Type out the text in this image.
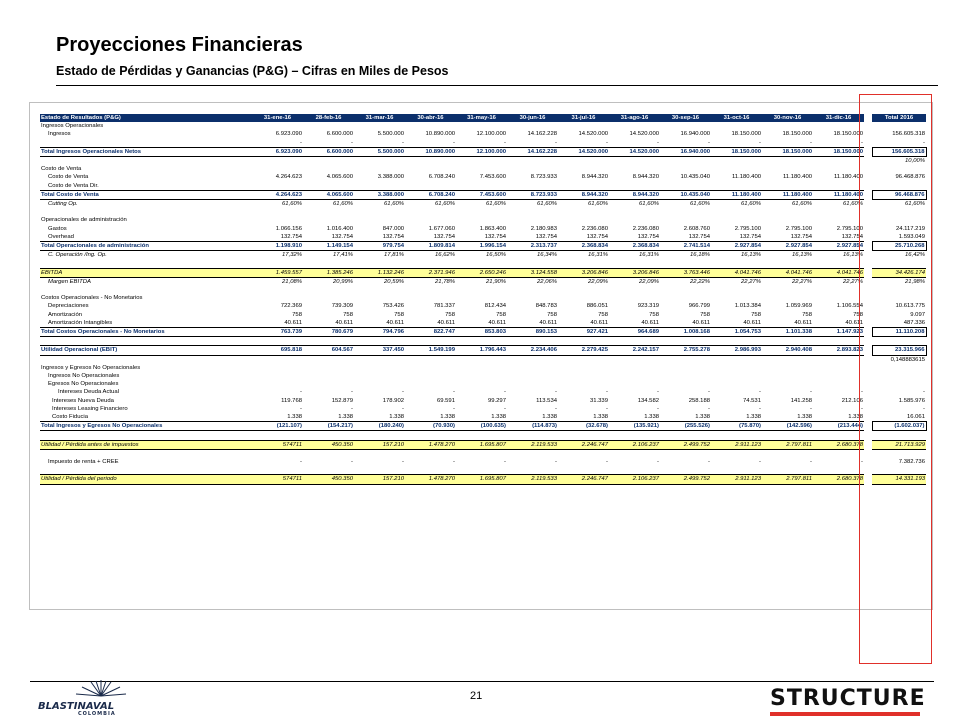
Proyecciones Financieras
Estado de Pérdidas y Ganancias (P&G) – Cifras en Miles de Pesos
Estado de Resultados (P&G)	31-ene-16	28-feb-16	31-mar-16	30-abr-16	31-may-16	30-jun-16	31-jul-16	31-ago-16	30-sep-16	31-oct-16	30-nov-16	31-dic-16		Total 2016
Ingresos Operacionales														
Ingresos	6.923.090	6.600.000	5.500.000	10.890.000	12.100.000	14.162.228	14.520.000	14.520.000	16.940.000	18.150.000	18.150.000	18.150.000		156.605.318
	-	-	-	-	-	-	-	-	-	-	-	-		-
Total Ingresos Operacionales Netos	6.923.090	6.600.000	5.500.000	10.890.000	12.100.000	14.162.228	14.520.000	14.520.000	16.940.000	18.150.000	18.150.000	18.150.000		156.605.318
														10,00%
Costo de Venta														
Costo de Venta	4.264.623	4.065.600	3.388.000	6.708.240	7.453.600	8.723.933	8.944.320	8.944.320	10.435.040	11.180.400	11.180.400	11.180.400		96.468.876
Costo de Venta Dir.														
Total Costo de Venta	4.264.623	4.065.600	3.388.000	6.708.240	7.453.600	8.723.933	8.944.320	8.944.320	10.435.040	11.180.400	11.180.400	11.180.400		96.468.876
Cutting Op.	61,60%	61,60%	61,60%	61,60%	61,60%	61,60%	61,60%	61,60%	61,60%	61,60%	61,60%	61,60%		61,60%

Operacionales de administración														
Gastos	1.066.156	1.016.400	847.000	1.677.060	1.863.400	2.180.983	2.236.080	2.236.080	2.608.760	2.795.100	2.795.100	2.795.100		24.117.219
Overhead	132.754	132.754	132.754	132.754	132.754	132.754	132.754	132.754	132.754	132.754	132.754	132.754		1.593.049
Total Operacionales de administración	1.198.910	1.149.154	979.754	1.809.814	1.996.154	2.313.737	2.368.834	2.368.834	2.741.514	2.927.854	2.927.854	2.927.854		25.710.268
C. Operación /Ing. Op.	17,32%	17,41%	17,81%	16,62%	16,50%	16,34%	16,31%	16,31%	16,18%	16,13%	16,13%	16,13%		16,42%

EBITDA	1.459.557	1.385.246	1.132.246	2.371.946	2.650.246	3.124.558	3.206.846	3.206.846	3.763.446	4.041.746	4.041.746	4.041.746		34.426.174
Margen EBITDA	21,08%	20,99%	20,59%	21,78%	21,90%	22,06%	22,09%	22,09%	22,22%	22,27%	22,27%	22,27%		21,98%

Costos Operacionales - No Monetarios														
Depreciaciones	722.369	739.309	753.426	781.337	812.434	848.783	886.051	923.319	966.799	1.013.384	1.059.969	1.106.554		10.613.775
Amortización	758	758	758	758	758	758	758	758	758	758	758	758		9.097
Amortización Intangibles	40.611	40.611	40.611	40.611	40.611	40.611	40.611	40.611	40.611	40.611	40.611	40.611		487.336
Total Costos Operacionales - No Monetarios	763.739	780.679	794.796	822.747	853.803	890.153	927.421	964.689	1.008.168	1.054.753	1.101.338	1.147.923		11.110.208

Utilidad Operacional (EBIT)	695.818	604.567	337.450	1.549.199	1.796.443	2.234.406	2.279.425	2.242.157	2.755.278	2.986.993	2.940.408	2.893.823		23.315.966
														0,148883615
Ingresos y Egresos No Operacionales														
Ingresos No Operacionales														
Egresos No Operacionales														
Intereses Deuda Actual	-	-	-	-	-	-	-	-	-	-	-	-		-
Intereses Nueva Deuda	119.768	152.879	178.902	69.591	99.297	113.534	31.339	134.582	258.188	74.531	141.258	212.106		1.585.976
Intereses Leasing Financiero	-	-	-	-	-	-	-	-	-	-	-	-		-
Costo Fiducia	1.338	1.338	1.338	1.338	1.338	1.338	1.338	1.338	1.338	1.338	1.338	1.338		16.061
Total Ingresos y Egresos No Operacionales	(121.107)	(154.217)	(180.240)	(70.930)	(100.635)	(114.873)	(32.678)	(135.921)	(255.526)	(75.870)	(142.596)	(213.444)		(1.602.037)

Utilidad / Pérdida antes de impuestos	574711	450.350	157.210	1.478.270	1.695.807	2.119.533	2.246.747	2.106.237	2.499.752	2.911.123	2.797.811	2.680.378		21.713.929

Impuesto de renta + CREE	-	-	-	-	-	-	-	-	-	-	-	-		7.382.736

Utilidad / Pérdida del periodo	574711	450.350	157.210	1.478.270	1.695.807	2.119.533	2.246.747	2.106.237	2.499.752	2.911.123	2.797.811	2.680.378		14.331.193
BLASTINAVAL
COLOMBIA
21	STRUCTURE
